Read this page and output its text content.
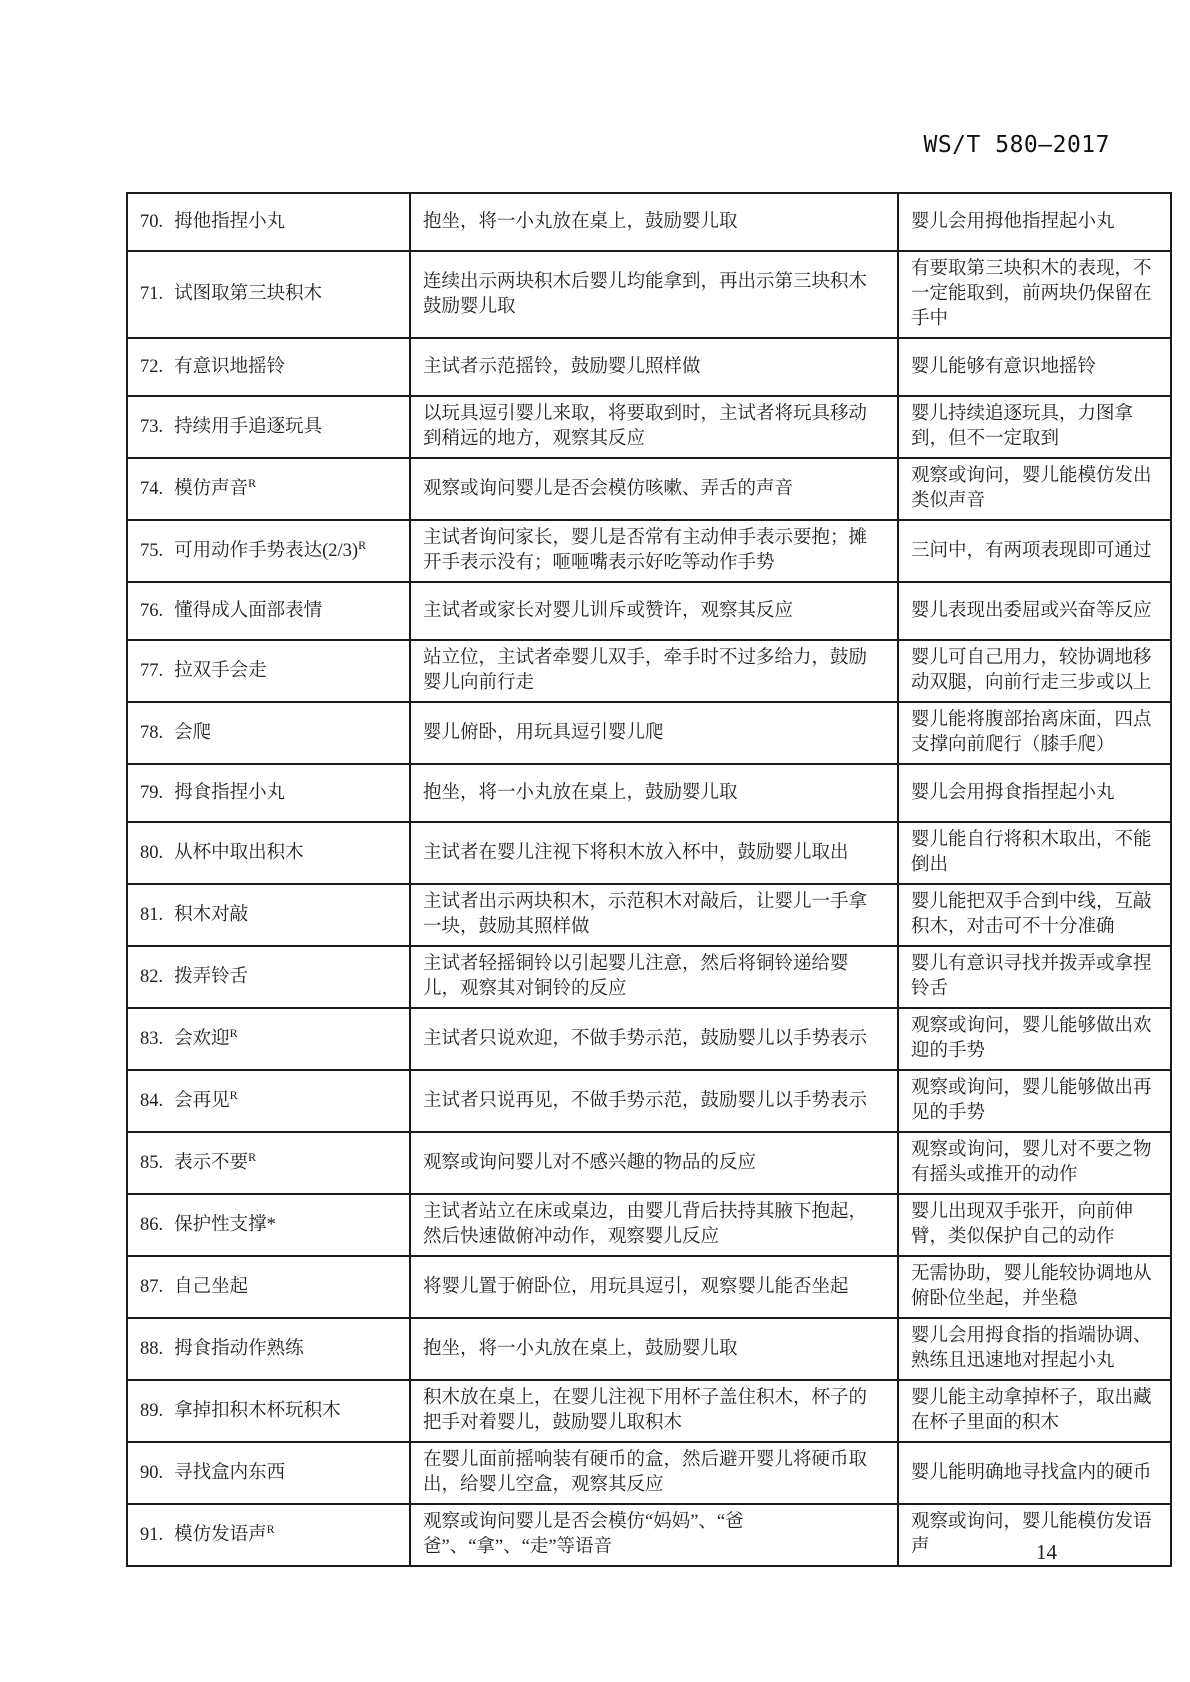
WS/T 580—2017
70. 拇他指捏小丸	抱坐，将一小丸放在桌上，鼓励婴儿取	婴儿会用拇他指捏起小丸
71. 试图取第三块积木	连续出示两块积木后婴儿均能拿到，再出示第三块积木鼓励婴儿取	有要取第三块积木的表现，不一定能取到，前两块仍保留在手中
72. 有意识地摇铃	主试者示范摇铃，鼓励婴儿照样做	婴儿能够有意识地摇铃
73. 持续用手追逐玩具	以玩具逗引婴儿来取，将要取到时，主试者将玩具移动到稍远的地方，观察其反应	婴儿持续追逐玩具，力图拿到，但不一定取到
74. 模仿声音$^R$	观察或询问婴儿是否会模仿咳嗽、弄舌的声音	观察或询问，婴儿能模仿发出类似声音
75. 可用动作手势表达$(2/3)^R$	主试者询问家长，婴儿是否常有主动伸手表示要抱；摊开手表示没有；咂咂嘴表示好吃等动作手势	三问中，有两项表现即可通过
76. 懂得成人面部表情	主试者或家长对婴儿训斥或赞许，观察其反应	婴儿表现出委屈或兴奋等反应
77. 拉双手会走	站立位，主试者牵婴儿双手，牵手时不过多给力，鼓励婴儿向前行走	婴儿可自己用力，较协调地移动双腿，向前行走三步或以上
78. 会爬	婴儿俯卧，用玩具逗引婴儿爬	婴儿能将腹部抬离床面，四点支撑向前爬行（膝手爬）
79. 拇食指捏小丸	抱坐，将一小丸放在桌上，鼓励婴儿取	婴儿会用拇食指捏起小丸
80. 从杯中取出积木	主试者在婴儿注视下将积木放入杯中，鼓励婴儿取出	婴儿能自行将积木取出，不能倒出
81. 积木对敲	主试者出示两块积木，示范积木对敲后，让婴儿一手拿一块，鼓励其照样做	婴儿能把双手合到中线，互敲积木，对击可不十分准确
82. 拨弄铃舌	主试者轻摇铜铃以引起婴儿注意，然后将铜铃递给婴儿，观察其对铜铃的反应	婴儿有意识寻找并拨弄或拿捏铃舌
83. 会欢迎$^R$	主试者只说欢迎，不做手势示范，鼓励婴儿以手势表示	观察或询问，婴儿能够做出欢迎的手势
84. 会再见$^R$	主试者只说再见，不做手势示范，鼓励婴儿以手势表示	观察或询问，婴儿能够做出再见的手势
85. 表示不要$^R$	观察或询问婴儿对不感兴趣的物品的反应	观察或询问，婴儿对不要之物有摇头或推开的动作
86. 保护性支撑*	主试者站立在床或桌边，由婴儿背后扶持其腋下抱起，然后快速做俯冲动作，观察婴儿反应	婴儿出现双手张开，向前伸臂，类似保护自己的动作
87. 自己坐起	将婴儿置于俯卧位，用玩具逗引，观察婴儿能否坐起	无需协助，婴儿能较协调地从俯卧位坐起，并坐稳
88. 拇食指动作熟练	抱坐，将一小丸放在桌上，鼓励婴儿取	婴儿会用拇食指的指端协调、熟练且迅速地对捏起小丸
89. 拿掉扣积木杯玩积木	积木放在桌上，在婴儿注视下用杯子盖住积木，杯子的把手对着婴儿，鼓励婴儿取积木	婴儿能主动拿掉杯子，取出藏在杯子里面的积木
90. 寻找盒内东西	在婴儿面前摇响装有硬币的盒，然后避开婴儿将硬币取出，给婴儿空盒，观察其反应	婴儿能明确地寻找盒内的硬币
91. 模仿发语声$^R$	观察或询问婴儿是否会模仿“妈妈”、“爸爸”、“拿”、“走”等语音	观察或询问，婴儿能模仿发语声	14
